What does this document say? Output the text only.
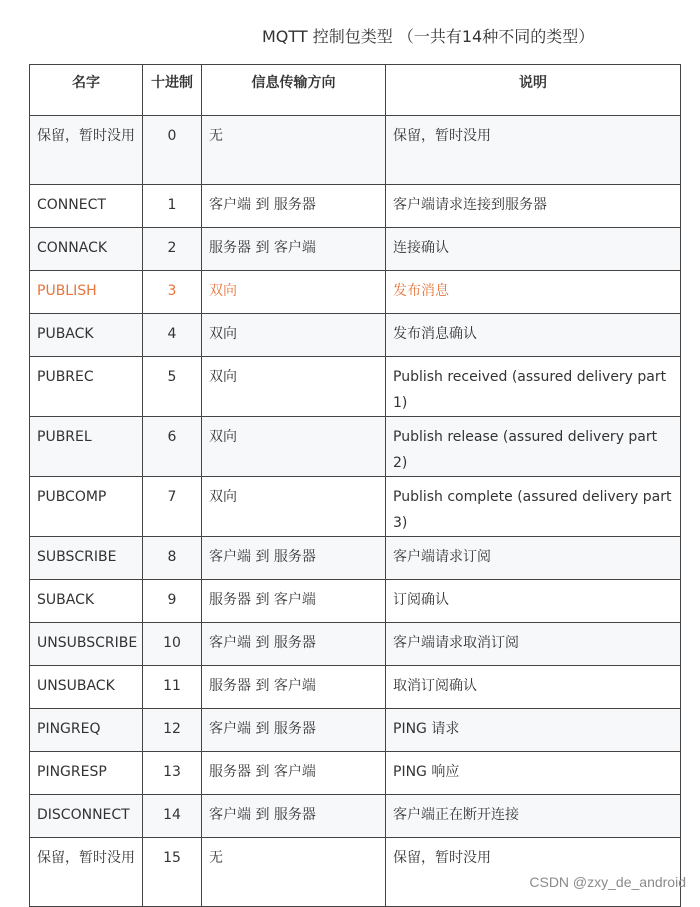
MQTT 控制包类型 （一共有14种不同的类型）
名字	十进制	信息传输方向	说明
保留，暂时没用	0	无	保留，暂时没用
CONNECT	1	客户端 到 服务器	客户端请求连接到服务器
CONNACK	2	服务器 到 客户端	连接确认
PUBLISH	3	双向	发布消息
PUBACK	4	双向	发布消息确认
PUBREC	5	双向	Publish received (assured delivery part 1)
PUBREL	6	双向	Publish release (assured delivery part 2)
PUBCOMP	7	双向	Publish complete (assured delivery part 3)
SUBSCRIBE	8	客户端 到 服务器	客户端请求订阅
SUBACK	9	服务器 到 客户端	订阅确认
UNSUBSCRIBE	10	客户端 到 服务器	客户端请求取消订阅
UNSUBACK	11	服务器 到 客户端	取消订阅确认
PINGREQ	12	客户端 到 服务器	PING 请求
PINGRESP	13	服务器 到 客户端	PING 响应
DISCONNECT	14	客户端 到 服务器	客户端正在断开连接
保留，暂时没用	15	无	保留，暂时没用
CSDN @zxy_de_android
